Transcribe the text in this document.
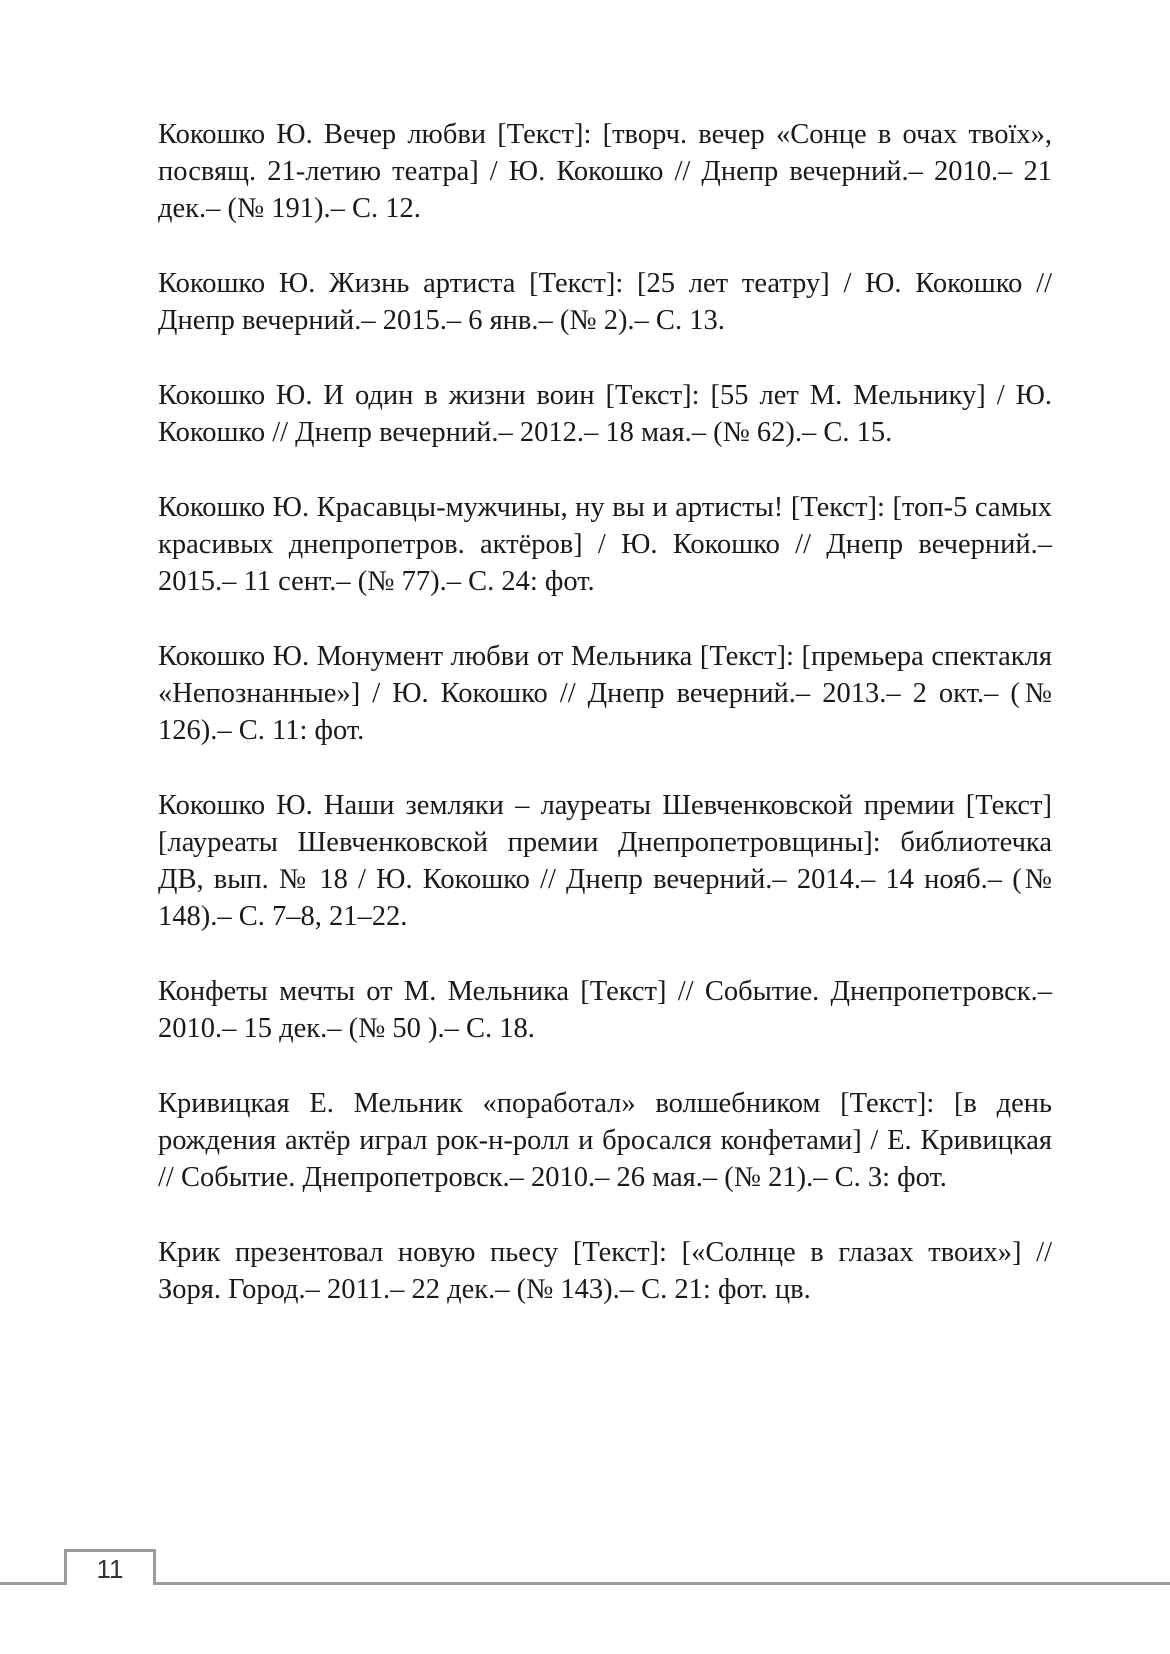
Кокошко Ю. Вечер любви [Текст]: [творч. вечер «Сонце в очах твоїх», посвящ. 21-летию театра] / Ю. Кокошко // Днепр вечерний.– 2010.– 21 дек.– (№ 191).– С. 12.

Кокошко Ю. Жизнь артиста [Текст]: [25 лет театру] / Ю. Кокошко // Днепр вечерний.– 2015.– 6 янв.– (№ 2).– С. 13.

Кокошко Ю. И один в жизни воин [Текст]: [55 лет М. Мельнику] / Ю. Кокошко // Днепр вечерний.– 2012.– 18 мая.– (№ 62).– С. 15.

Кокошко Ю. Красавцы-мужчины, ну вы и артисты! [Текст]: [топ-5 самых красивых днепропетров. актёров] / Ю. Кокошко // Днепр вечерний.– 2015.– 11 сент.– (№ 77).– С. 24: фот.

Кокошко Ю. Монумент любви от Мельника [Текст]: [премьера спектакля «Непознанные»] / Ю. Кокошко // Днепр вечерний.– 2013.– 2 окт.– (№ 126).– С. 11: фот.

Кокошко Ю. Наши земляки – лауреаты Шевченковской премии [Текст] [лауреаты Шевченковской премии Днепропетровщины]: библиотечка ДВ, вып. № 18 / Ю. Кокошко // Днепр вечерний.– 2014.– 14 нояб.– (№ 148).– С. 7–8, 21–22.

Конфеты мечты от М. Мельника [Текст] // Событие. Днепропетровск.– 2010.– 15 дек.– (№ 50 ).– С. 18.

Кривицкая Е. Мельник «поработал» волшебником [Текст]: [в день рождения актёр играл рок-н-ролл и бросался конфетами] / Е. Кривицкая // Событие. Днепропетровск.– 2010.– 26 мая.– (№ 21).– С. 3: фот.

Крик презентовал новую пьесу [Текст]: [«Солнце в глазах твоих»] // Зоря. Город.– 2011.– 22 дек.– (№ 143).– С. 21: фот. цв.

11
